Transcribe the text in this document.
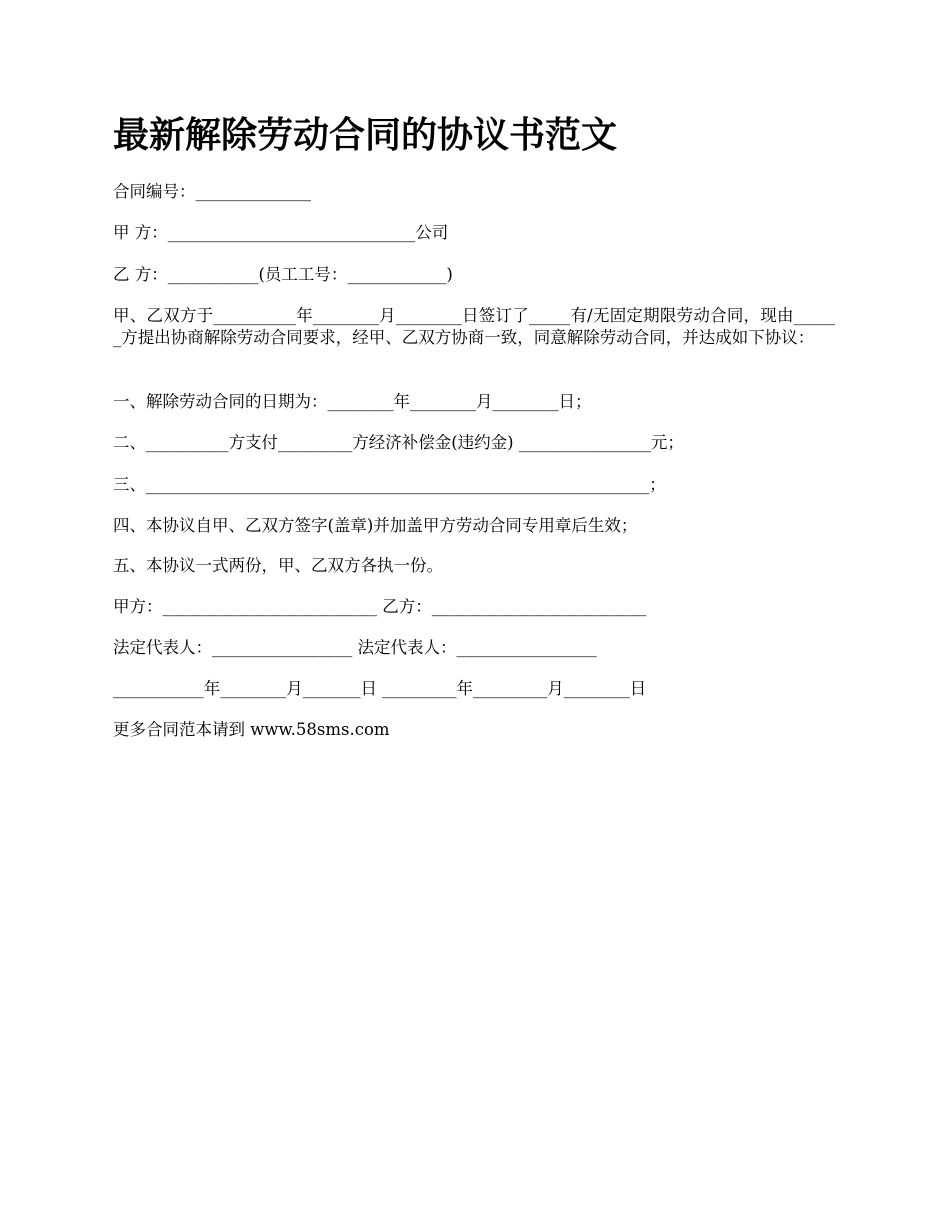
最新解除劳动合同的协议书范文

合同编号：______________

甲 方：______________________________公司

乙 方：___________(员工工号：____________)

甲、乙双方于__________年________月________日签订了_____有/无固定期限劳动合同，现由______方提出协商解除劳动合同要求，经甲、乙双方协商一致，同意解除劳动合同，并达成如下协议：

一、解除劳动合同的日期为：________年________月________日；

二、__________方支付_________方经济补偿金(违约金) ________________元；

三、_____________________________________________________________；

四、本协议自甲、乙双方签字(盖章)并加盖甲方劳动合同专用章后生效；

五、本协议一式两份，甲、乙双方各执一份。

甲方：__________________________ 乙方：__________________________

法定代表人：_________________ 法定代表人：_________________

___________年________月_______日 _________年_________月________日

更多合同范本请到 www.58sms.com
